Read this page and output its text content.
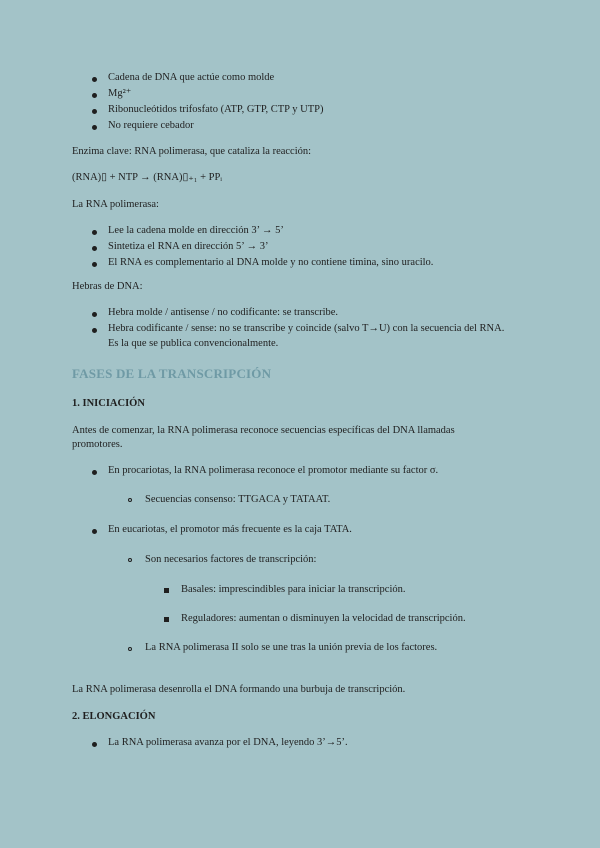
Cadena de DNA que actúe como molde
Mg²⁺
Ribonucleótidos trifosfato (ATP, GTP, CTP y UTP)
No requiere cebador
Enzima clave: RNA polimerasa, que cataliza la reacción:
(RNA)▯ + NTP → (RNA)▯₊₁ + PPᵢ
La RNA polimerasa:
Lee la cadena molde en dirección 3’ → 5’
Sintetiza el RNA en dirección 5’ → 3’
El RNA es complementario al DNA molde y no contiene timina, sino uracilo.
Hebras de DNA:
Hebra molde / antisense / no codificante: se transcribe.
Hebra codificante / sense: no se transcribe y coincide (salvo T→U) con la secuencia del RNA.
Es la que se publica convencionalmente.
FASES DE LA TRANSCRIPCIÓN
1. INICIACIÓN
Antes de comenzar, la RNA polimerasa reconoce secuencias específicas del DNA llamadas
promotores.
En procariotas, la RNA polimerasa reconoce el promotor mediante su factor σ.
Secuencias consenso: TTGACA y TATAAT.
En eucariotas, el promotor más frecuente es la caja TATA.
Son necesarios factores de transcripción:
Basales: imprescindibles para iniciar la transcripción.
Reguladores: aumentan o disminuyen la velocidad de transcripción.
La RNA polimerasa II solo se une tras la unión previa de los factores.
La RNA polimerasa desenrolla el DNA formando una burbuja de transcripción.
2. ELONGACIÓN
La RNA polimerasa avanza por el DNA, leyendo 3’→5’.
